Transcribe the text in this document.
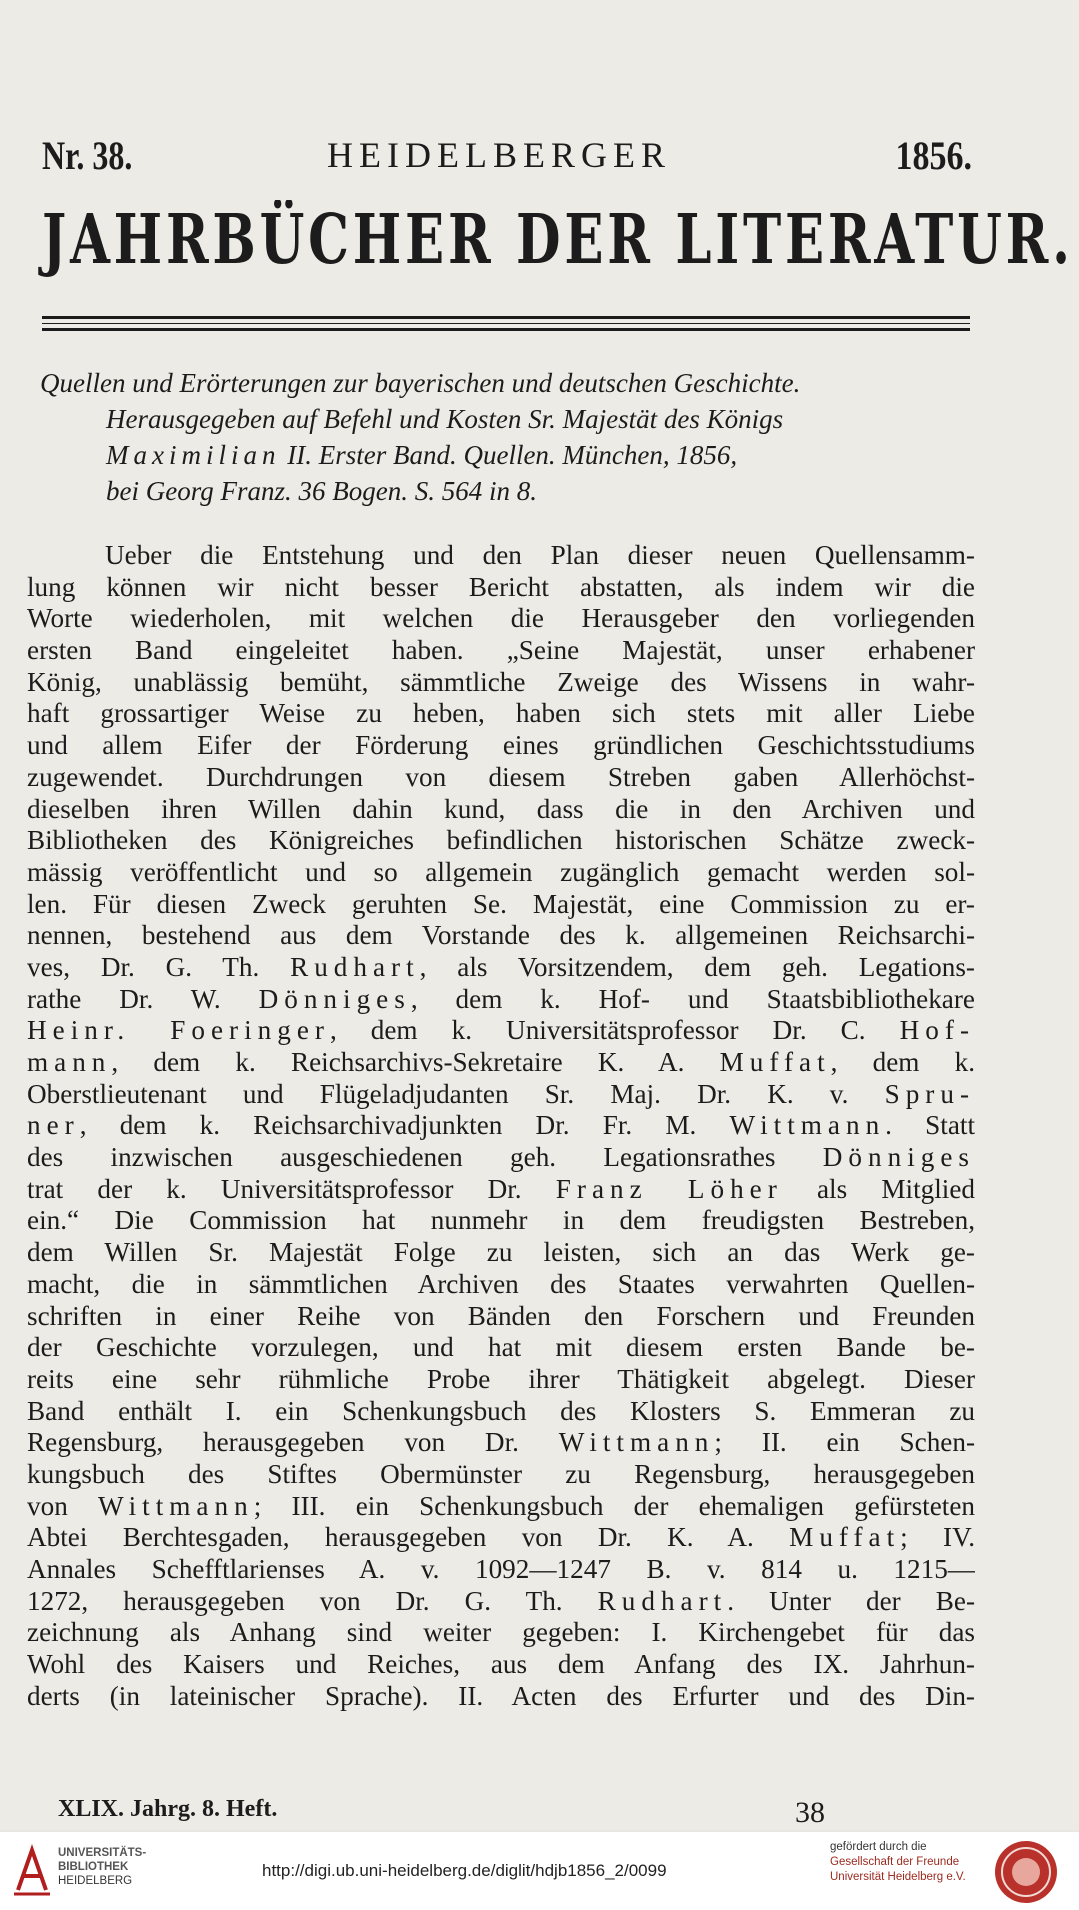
Nr. 38.	HEIDELBERGER	1856.
JAHRBÜCHER DER LITERATUR.
Quellen und Erörterungen zur bayerischen und deutschen Geschichte.
Herausgegeben auf Befehl und Kosten Sr. Majestät des Königs
Maximilian II. Erster Band. Quellen. München, 1856,
bei Georg Franz. 36 Bogen. S. 564 in 8.
Ueber die Entstehung und den Plan dieser neuen Quellensamm-
lung können wir nicht besser Bericht abstatten, als indem wir die
Worte wiederholen, mit welchen die Herausgeber den vorliegenden
ersten Band eingeleitet haben. „Seine Majestät, unser erhabener
König, unablässig bemüht, sämmtliche Zweige des Wissens in wahr-
haft grossartiger Weise zu heben, haben sich stets mit aller Liebe
und allem Eifer der Förderung eines gründlichen Geschichtsstudiums
zugewendet. Durchdrungen von diesem Streben gaben Allerhöchst-
dieselben ihren Willen dahin kund, dass die in den Archiven und
Bibliotheken des Königreiches befindlichen historischen Schätze zweck-
mässig veröffentlicht und so allgemein zugänglich gemacht werden sol-
len. Für diesen Zweck geruhten Se. Majestät, eine Commission zu er-
nennen, bestehend aus dem Vorstande des k. allgemeinen Reichsarchi-
ves, Dr. G. Th. Rudhart, als Vorsitzendem, dem geh. Legations-
rathe Dr. W. Dönniges, dem k. Hof- und Staatsbibliothekare
Heinr. Foeringer, dem k. Universitätsprofessor Dr. C. Hof-
mann, dem k. Reichsarchivs-Sekretaire K. A. Muffat, dem k.
Oberstlieutenant und Flügeladjudanten Sr. Maj. Dr. K. v. Spru-
ner, dem k. Reichsarchivadjunkten Dr. Fr. M. Wittmann. Statt
des inzwischen ausgeschiedenen geh. Legationsrathes Dönniges
trat der k. Universitätsprofessor Dr. Franz Löher als Mitglied
ein.“ Die Commission hat nunmehr in dem freudigsten Bestreben,
dem Willen Sr. Majestät Folge zu leisten, sich an das Werk ge-
macht, die in sämmtlichen Archiven des Staates verwahrten Quellen-
schriften in einer Reihe von Bänden den Forschern und Freunden
der Geschichte vorzulegen, und hat mit diesem ersten Bande be-
reits eine sehr rühmliche Probe ihrer Thätigkeit abgelegt. Dieser
Band enthält I. ein Schenkungsbuch des Klosters S. Emmeran zu
Regensburg, herausgegeben von Dr. Wittmann; II. ein Schen-
kungsbuch des Stiftes Obermünster zu Regensburg, herausgegeben
von Wittmann; III. ein Schenkungsbuch der ehemaligen gefürsteten
Abtei Berchtesgaden, herausgegeben von Dr. K. A. Muffat; IV.
Annales Schefftlarienses A. v. 1092—1247 B. v. 814 u. 1215—
1272, herausgegeben von Dr. G. Th. Rudhart. Unter der Be-
zeichnung als Anhang sind weiter gegeben: I. Kirchengebet für das
Wohl des Kaisers und Reiches, aus dem Anfang des IX. Jahrhun-
derts (in lateinischer Sprache). II. Acten des Erfurter und des Din-
XLIX. Jahrg. 8. Heft.	38
UNIVERSITÄTS-
BIBLIOTHEK
HEIDELBERG
http://digi.ub.uni-heidelberg.de/diglit/hdjb1856_2/0099
gefördert durch die
Gesellschaft der Freunde
Universität Heidelberg e.V.
